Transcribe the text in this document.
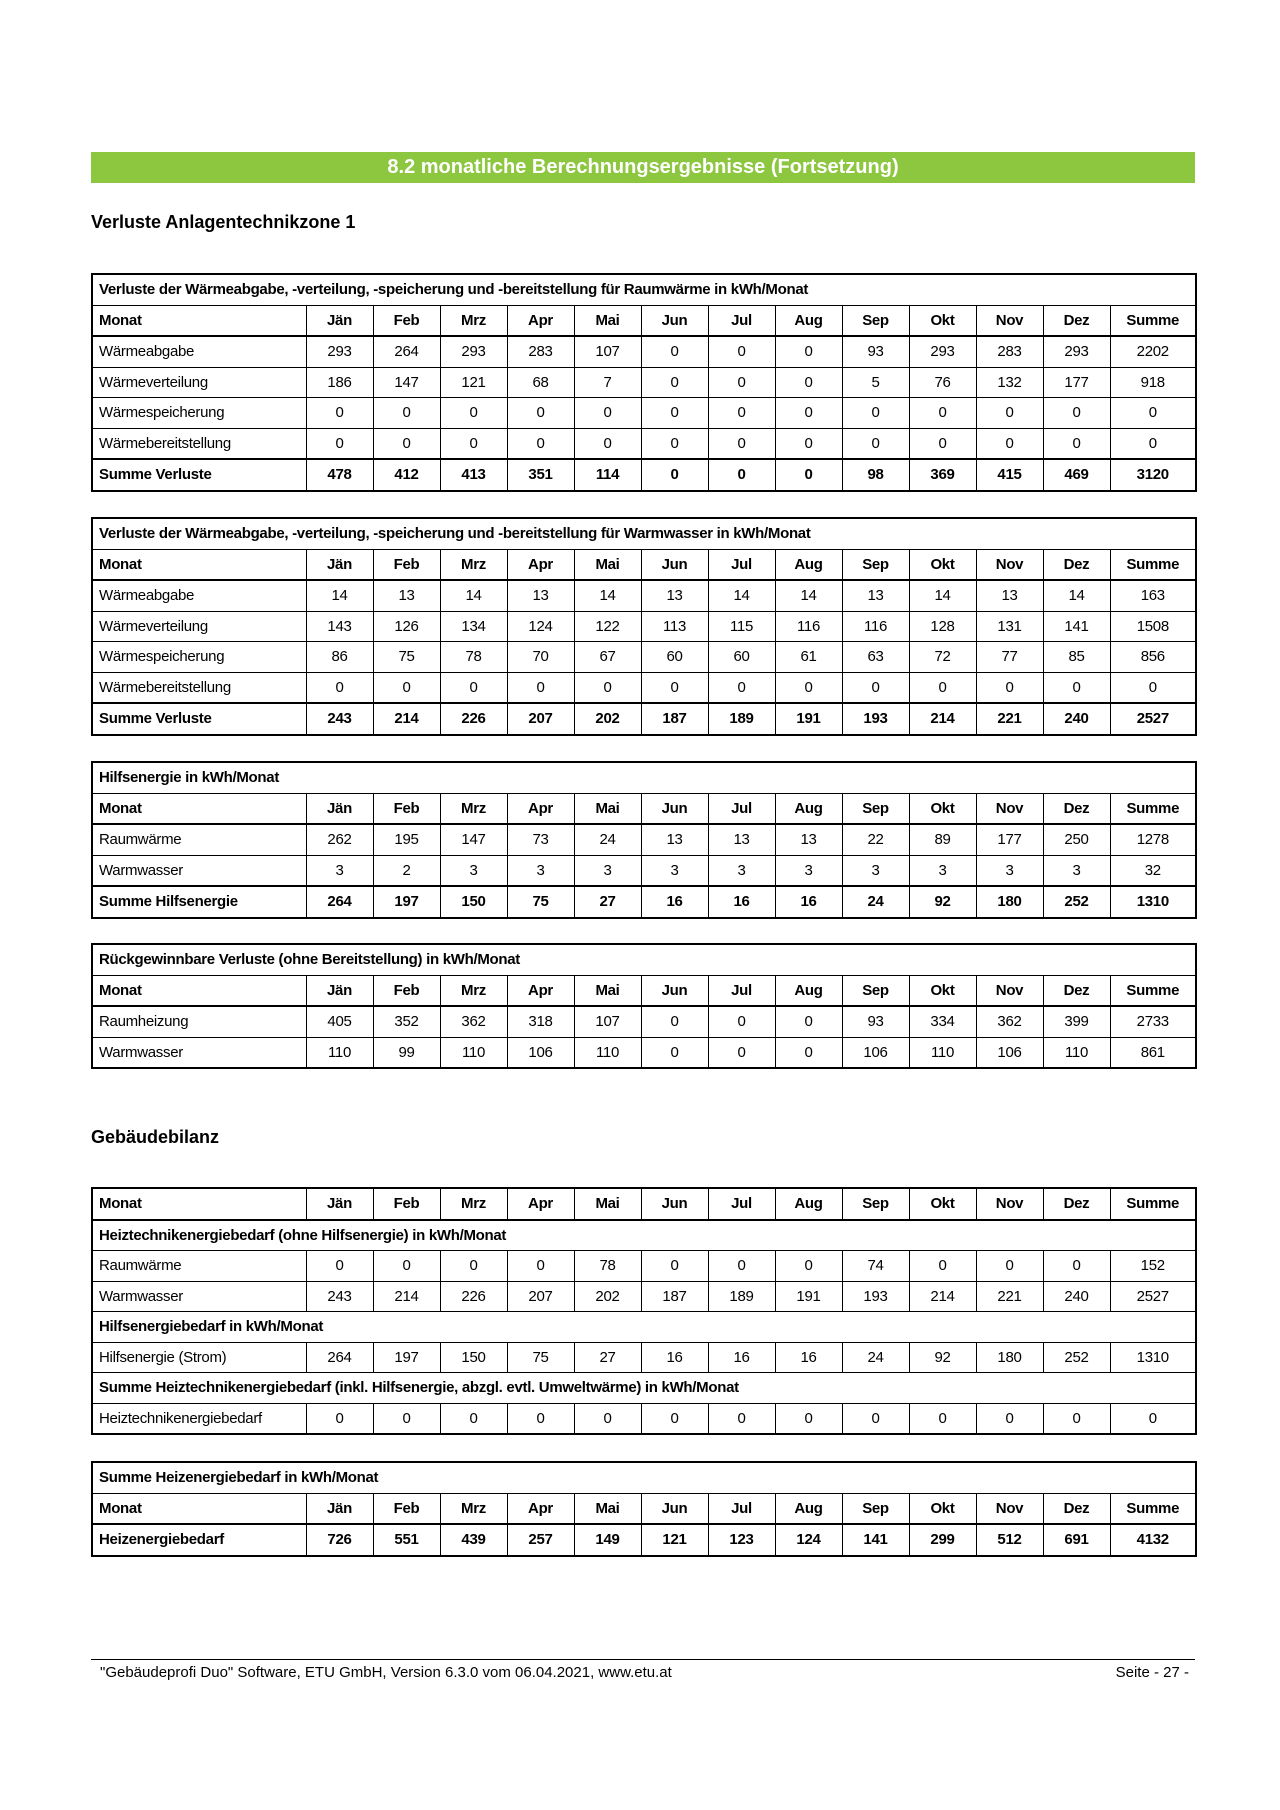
8.2 monatliche Berechnungsergebnisse (Fortsetzung)
Verluste Anlagentechnikzone 1
Verluste der Wärmeabgabe, -verteilung, -speicherung und -bereitstellung für Raumwärme in kWh/Monat													
Monat	Jän	Feb	Mrz	Apr	Mai	Jun	Jul	Aug	Sep	Okt	Nov	Dez	Summe
Wärmeabgabe	293	264	293	283	107	0	0	0	93	293	283	293	2202
Wärmeverteilung	186	147	121	68	7	0	0	0	5	76	132	177	918
Wärmespeicherung	0	0	0	0	0	0	0	0	0	0	0	0	0
Wärmebereitstellung	0	0	0	0	0	0	0	0	0	0	0	0	0
Summe Verluste	478	412	413	351	114	0	0	0	98	369	415	469	3120
Verluste der Wärmeabgabe, -verteilung, -speicherung und -bereitstellung für Warmwasser in kWh/Monat													
Monat	Jän	Feb	Mrz	Apr	Mai	Jun	Jul	Aug	Sep	Okt	Nov	Dez	Summe
Wärmeabgabe	14	13	14	13	14	13	14	14	13	14	13	14	163
Wärmeverteilung	143	126	134	124	122	113	115	116	116	128	131	141	1508
Wärmespeicherung	86	75	78	70	67	60	60	61	63	72	77	85	856
Wärmebereitstellung	0	0	0	0	0	0	0	0	0	0	0	0	0
Summe Verluste	243	214	226	207	202	187	189	191	193	214	221	240	2527
Hilfsenergie in kWh/Monat													
Monat	Jän	Feb	Mrz	Apr	Mai	Jun	Jul	Aug	Sep	Okt	Nov	Dez	Summe
Raumwärme	262	195	147	73	24	13	13	13	22	89	177	250	1278
Warmwasser	3	2	3	3	3	3	3	3	3	3	3	3	32
Summe Hilfsenergie	264	197	150	75	27	16	16	16	24	92	180	252	1310
Rückgewinnbare Verluste (ohne Bereitstellung) in kWh/Monat													
Monat	Jän	Feb	Mrz	Apr	Mai	Jun	Jul	Aug	Sep	Okt	Nov	Dez	Summe
Raumheizung	405	352	362	318	107	0	0	0	93	334	362	399	2733
Warmwasser	110	99	110	106	110	0	0	0	106	110	106	110	861
Gebäudebilanz
Monat	Jän	Feb	Mrz	Apr	Mai	Jun	Jul	Aug	Sep	Okt	Nov	Dez	Summe
Heiztechnikenergiebedarf (ohne Hilfsenergie) in kWh/Monat													
Raumwärme	0	0	0	0	78	0	0	0	74	0	0	0	152
Warmwasser	243	214	226	207	202	187	189	191	193	214	221	240	2527
Hilfsenergiebedarf in kWh/Monat													
Hilfsenergie (Strom)	264	197	150	75	27	16	16	16	24	92	180	252	1310
Summe Heiztechnikenergiebedarf (inkl. Hilfsenergie, abzgl. evtl. Umweltwärme) in kWh/Monat													
Heiztechnikenergiebedarf	0	0	0	0	0	0	0	0	0	0	0	0	0
Summe Heizenergiebedarf in kWh/Monat													
Monat	Jän	Feb	Mrz	Apr	Mai	Jun	Jul	Aug	Sep	Okt	Nov	Dez	Summe
Heizenergiebedarf	726	551	439	257	149	121	123	124	141	299	512	691	4132
"Gebäudeprofi Duo" Software, ETU GmbH, Version 6.3.0 vom 06.04.2021, www.etu.at	Seite - 27 -
